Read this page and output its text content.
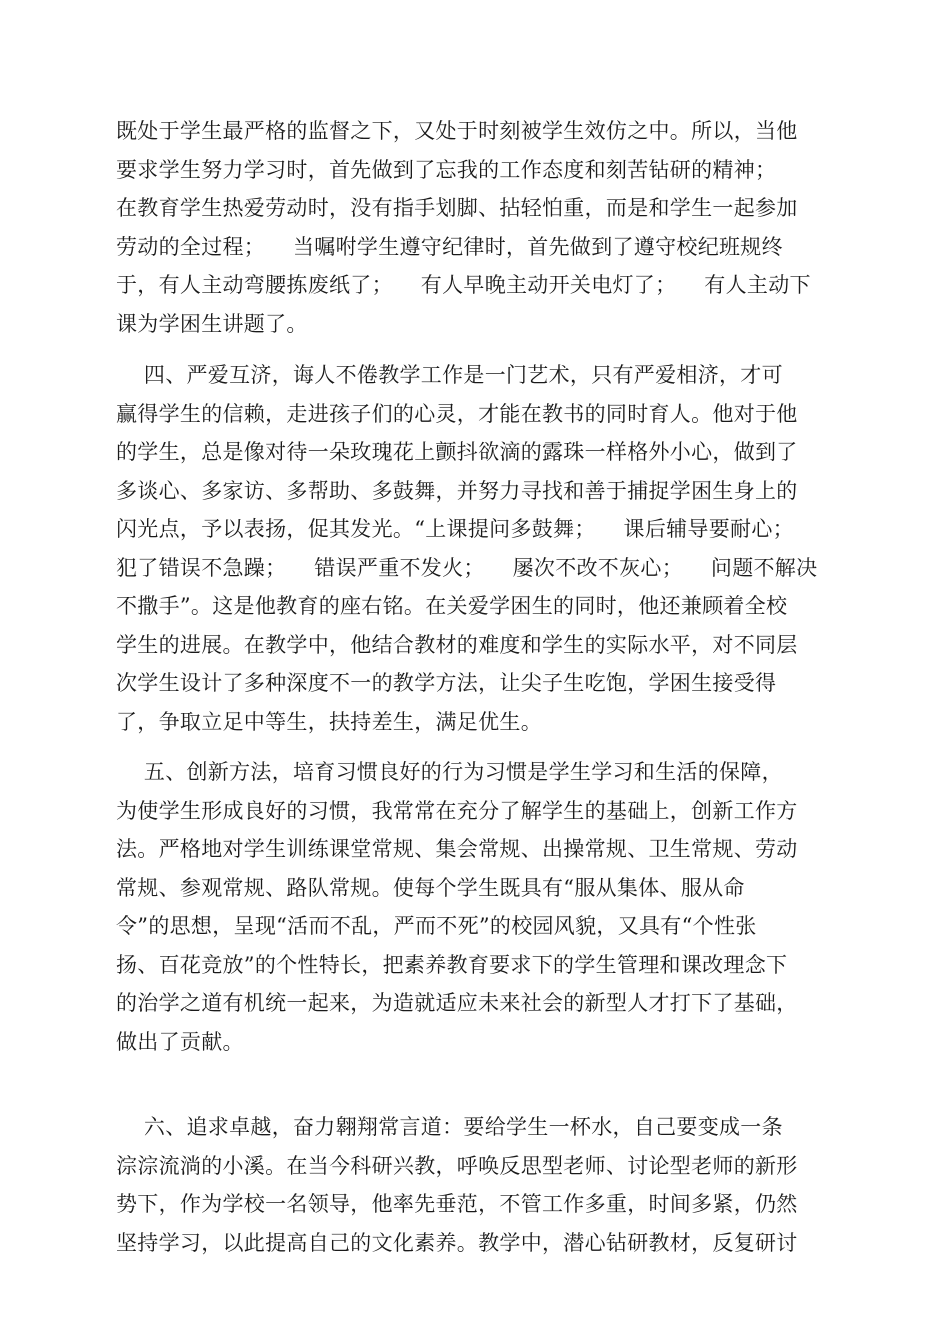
既处于学生最严格的监督之下，又处于时刻被学生效仿之中。所以，当他
要求学生努力学习时，首先做到了忘我的工作态度和刻苦钻研的精神；
在教育学生热爱劳动时，没有指手划脚、拈轻怕重，而是和学生一起参加
劳动的全过程；    当嘱咐学生遵守纪律时，首先做到了遵守校纪班规终
于，有人主动弯腰拣废纸了；    有人早晚主动开关电灯了；    有人主动下
课为学困生讲题了。
四、严爱互济，诲人不倦教学工作是一门艺术，只有严爱相济，才可
赢得学生的信赖，走进孩子们的心灵，才能在教书的同时育人。他对于他
的学生，总是像对待一朵玫瑰花上颤抖欲滴的露珠一样格外小心，做到了
多谈心、多家访、多帮助、多鼓舞，并努力寻找和善于捕捉学困生身上的
闪光点，予以表扬，促其发光。“上课提问多鼓舞；    课后辅导要耐心；
犯了错误不急躁；    错误严重不发火；    屡次不改不灰心；    问题不解决
不撒手”。这是他教育的座右铭。在关爱学困生的同时，他还兼顾着全校
学生的进展。在教学中，他结合教材的难度和学生的实际水平，对不同层
次学生设计了多种深度不一的教学方法，让尖子生吃饱，学困生接受得
了，争取立足中等生，扶持差生，满足优生。
五、创新方法，培育习惯良好的行为习惯是学生学习和生活的保障，
为使学生形成良好的习惯，我常常在充分了解学生的基础上，创新工作方
法。严格地对学生训练课堂常规、集会常规、出操常规、卫生常规、劳动
常规、参观常规、路队常规。使每个学生既具有“服从集体、服从命
令”的思想，呈现“活而不乱，严而不死”的校园风貌，又具有“个性张
扬、百花竞放”的个性特长，把素养教育要求下的学生管理和课改理念下
的治学之道有机统一起来，为造就适应未来社会的新型人才打下了基础，
做出了贡献。
六、追求卓越，奋力翱翔常言道：要给学生一杯水，自己要变成一条
淙淙流淌的小溪。在当今科研兴教，呼唤反思型老师、讨论型老师的新形
势下，作为学校一名领导，他率先垂范，不管工作多重，时间多紧，仍然
坚持学习，以此提高自己的文化素养。教学中，潜心钻研教材，反复研讨
